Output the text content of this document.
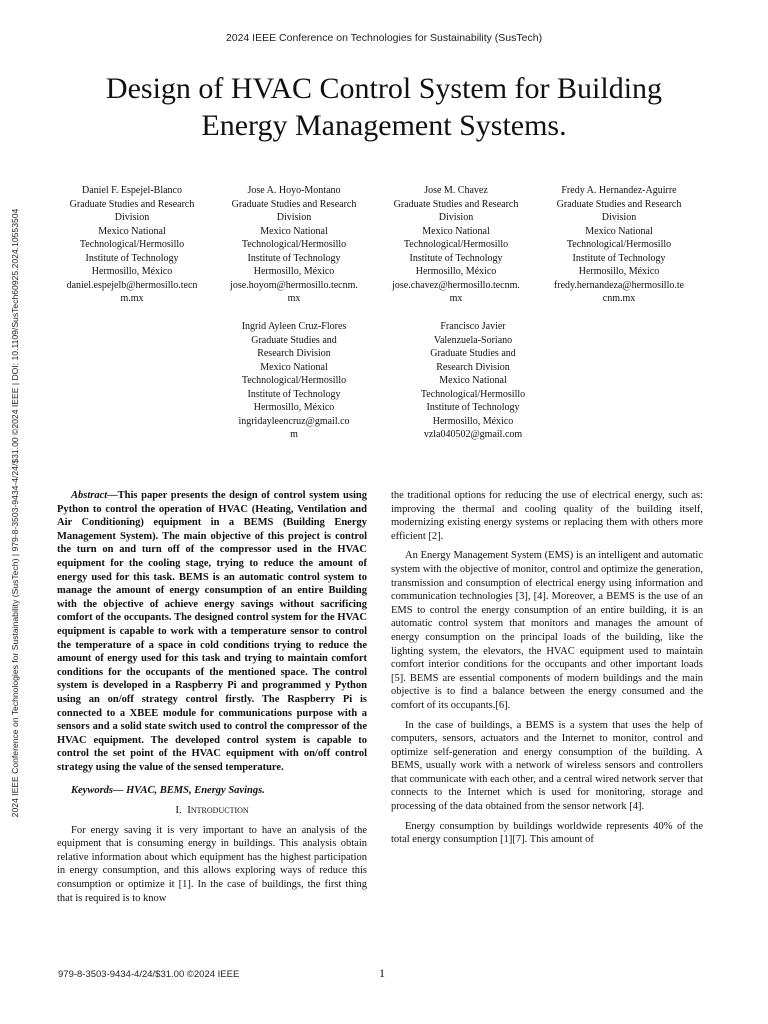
2024 IEEE Conference on Technologies for Sustainability (SusTech)
Design of HVAC Control System for Building
Energy Management Systems.
2024 IEEE Conference on Technologies for Sustainability (SusTech) | 979-8-3503-9434-4/24/$31.00 ©2024 IEEE | DOI: 10.1109/SusTech60925.2024.10553504
Daniel F. Espejel-Blanco
Graduate Studies and Research
Division
Mexico National
Technological/Hermosillo
Institute of Technology
Hermosillo, México
daniel.espejelb@hermosillo.tecn
m.mx
Jose A. Hoyo-Montano
Graduate Studies and Research
Division
Mexico National
Technological/Hermosillo
Institute of Technology
Hermosillo, México
jose.hoyom@hermosillo.tecnm.
mx
Jose M. Chavez
Graduate Studies and Research
Division
Mexico National
Technological/Hermosillo
Institute of Technology
Hermosillo, México
jose.chavez@hermosillo.tecnm.
mx
Fredy A. Hernandez-Aguirre
Graduate Studies and Research
Division
Mexico National
Technological/Hermosillo
Institute of Technology
Hermosillo, México
fredy.hernandeza@hermosillo.te
cnm.mx
Ingrid Ayleen Cruz-Flores
Graduate Studies and
Research Division
Mexico National
Technological/Hermosillo
Institute of Technology
Hermosillo, México
ingridayleencruz@gmail.co
m
Francisco Javier
Valenzuela-Soriano
Graduate Studies and
Research Division
Mexico National
Technological/Hermosillo
Institute of Technology
Hermosillo, México
vzla040502@gmail.com

Abstract—This paper presents the design of control system using Python to control the operation of HVAC (Heating, Ventilation and Air Conditioning) equipment in a BEMS (Building Energy Management System). The main objective of this project is control the turn on and turn off of the compressor used in the HVAC equipment for the cooling stage, trying to reduce the amount of energy used for this task. BEMS is an automatic control system to manage the amount of energy consumption of an entire Building with the objective of achieve energy savings without sacrificing comfort of the occupants. The designed control system for the HVAC equipment is capable to work with a temperature sensor to control the temperature of a space in cold conditions trying to reduce the amount of energy used for this task and trying to maintain comfort conditions for the occupants of the mentioned space. The control system is developed in a Raspberry Pi and programmed y Python using an on/off strategy control firstly. The Raspberry Pi is connected to a XBEE module for communications purpose with a sensors and a solid state switch used to control the compressor of the HVAC equipment. The developed control system is capable to control the set point of the HVAC equipment with on/off control strategy using the value of the sensed temperature.

Keywords— HVAC, BEMS, Energy Savings.

I. Introduction

For energy saving it is very important to have an analysis of the equipment that is consuming energy in buildings. This analysis obtain relative information about which equipment has the highest participation in energy consumption, and this allows exploring ways of reduce this consumption or optimize it [1]. In the case of buildings, the first thing that is required is to know

the traditional options for reducing the use of electrical energy, such as: improving the thermal and cooling quality of the building itself, modernizing existing energy systems or replacing them with others more efficient [2].

An Energy Management System (EMS) is an intelligent and automatic system with the objective of monitor, control and optimize the generation, transmission and consumption of electrical energy using information and communication technologies [3], [4]. Moreover, a BEMS is the use of an EMS to control the energy consumption of an entire building, it is an automatic control system that monitors and manages the amount of energy consumption on the principal loads of the building, like the lighting system, the elevators, the HVAC equipment used to maintain comfort interior conditions for the occupants and other important loads [5]. BEMS are essential components of modern buildings and the main objective is to find a balance between the energy consumed and the comfort of its occupants.[6].

In the case of buildings, a BEMS is a system that uses the help of computers, sensors, actuators and the Internet to monitor, control and optimize self-generation and energy consumption of the building. A BEMS, usually work with a network of wireless sensors and controllers that communicate with each other, and a central wired network server that connects to the Internet which is used for monitoring, storage and processing of the data obtained from the sensor network [4].

Energy consumption by buildings worldwide represents 40% of the total energy consumption [1][7]. This amount of

979-8-3503-9434-4/24/$31.00 ©2024 IEEE	1
